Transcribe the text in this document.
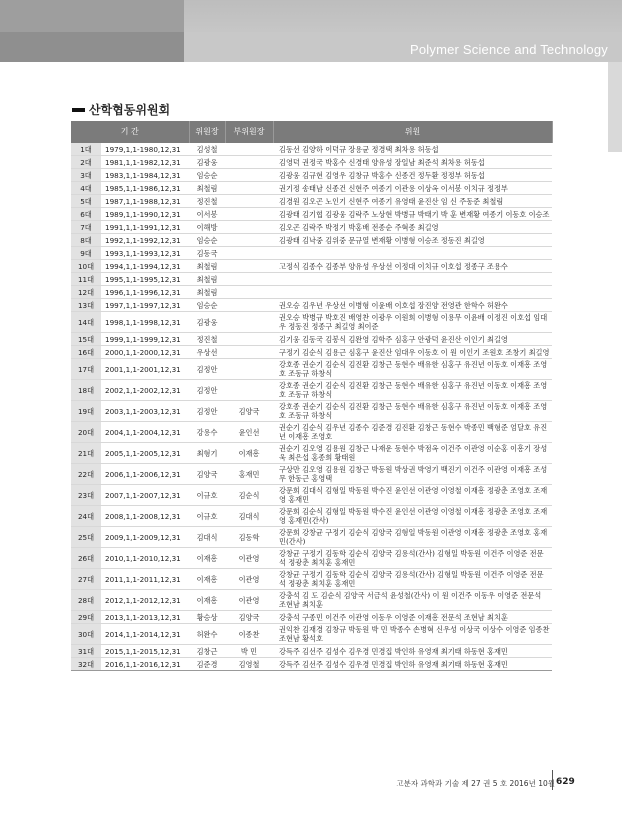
Polymer Science and Technology
산학협동위원회
기 간		위원장	부위원장	위원
1대	1979,1,1-1980,12,31	김성철		김동선 김양하 이덕규 장용균 정경택 최차용 허동섭
2대	1981,1,1-1982,12,31	김광웅		김영덕 권정국 박홍수 신경태 양유성 장일남 최준석 최차용 허동섭
3대	1983,1,1-1984,12,31	임승순		김광웅 김규현 김영우 김창규 박홍수 신종건 정두환 정정부 허동섭
4대	1985,1,1-1986,12,31	최철림		권기정 송태남 신종건 신현주 여종기 이관용 이상옥 이서봉 이치규 정정부
5대	1987,1,1-1988,12,31	정진철		김경원 김오곤 노인기 신현주 여종기 유영태 윤진산 임 신 주동준 최철림
6대	1989,1,1-1990,12,31	이서봉		김광태 김기협 김광웅 김락주 노상현 박병규 박태기 박 훈 변재황 여종기 이동호 이승조
7대	1991,1,1-1991,12,31	이해방		김오곤 김락주 박정기 박홍배 전종순 주혁종 최길영
8대	1992,1,1-1992,12,31	임승순		김광태 김낙중 김위중 문규열 변재황 이병형 이승조 정동진 최길영
9대	1993,1,1-1993,12,31	김동국		
10대	1994,1,1-1994,12,31	최철림		고정식 김종수 김종부 양유성 우상선 이정대 이치규 이호섭 정종구 조용수
11대	1995,1,1-1995,12,31	최철림		
12대	1996,1,1-1996,12,31	최철림		
13대	1997,1,1-1997,12,31	임승순		권오승 김우년 우상선 이병형 이윤배 이호섭 장진양 전영관 한학수 허완수
14대	1998,1,1-1998,12,31	김광웅		권오승 박병규 박호진 배영찬 이광우 이원희 이병형 이용무 이윤배 이정진 이호섭 임대우 정동진 정종구 최길영 최이준
15대	1999,1,1-1999,12,31	정진철		김기웅 김동국 김봉식 김완영 김학주 심홍구 안광덕 윤진산 이인기 최길영
16대	2000,1,1-2000,12,31	우상선		구정기 김순식 김용근 심홍구 윤진산 임대우 이동호 이 원 이인기 조원호 조창기 최길영
17대	2001,1,1-2001,12,31	김정안		강호종 권순기 김순식 김진환 김창근 동현수 배유한 심홍구 유진년 이동호 이재흥 조영호 조동규 하창식
18대	2002,1,1-2002,12,31	김정안		강호종 권순기 김순식 김진환 김창근 동현수 배유한 심홍구 유진년 이동호 이재흥 조영호 조동규 하창식
19대	2003,1,1-2003,12,31	김정안	김양국	강호종 권순기 김순식 김진환 김창근 동현수 배유한 심홍구 유진년 이동호 이재흥 조영호 조동규 하창식
20대	2004,1,1-2004,12,31	강용수	윤인선	권순기 김순식 김우년 김종수 김준경 김진환 김창근 동현수 박종민 백형준 엄달호 유진년 이재흥 조영호
21대	2005,1,1-2005,12,31	최형기	이재흥	권순기 김오영 김용원 김창근 나재운 동현수 박점옥 이건주 이관영 이순홍 이흥기 장성욱 최은섭 홍종희 황태원
22대	2006,1,1-2006,12,31	김양국	홍재민	구상만 김오영 김용원 김창근 박동원 박상권 박영기 백진기 이건주 이관영 이재흥 조성무 한동근 홍영택
23대	2007,1,1-2007,12,31	이규호	김순식	강문희 김대식 김형일 박동원 박수진 윤인선 이관영 이영철 이재흥 정광춘 조영호 조재영 홍재민
24대	2008,1,1-2008,12,31	이규호	김대식	강문희 김순식 김형일 박동원 박수진 윤인선 이관영 이영철 이재흥 정광춘 조영호 조재영 홍재민(간사)
25대	2009,1,1-2009,12,31	김대식	김동학	강문희 강창균 구정기 김순식 김양국 김형일 박동원 이관영 이재흥 정광춘 조영호 홍재민(간사)
26대	2010,1,1-2010,12,31	이재흥	이관영	강창균 구정기 김동학 김순식 김양국 김용석(간사) 김형일 박동원 이건주 이영준 전문석 정광춘 최치훈 홍재민
27대	2011,1,1-2011,12,31	이재흥	이관영	강창균 구정기 김동학 김순식 김양국 김용석(간사) 김형일 박동원 이건주 이영준 전문석 정광춘 최치훈 홍재민
28대	2012,1,1-2012,12,31	이재흥	이관영	강충석 김 도 김순식 김양국 서금석 윤성철(간사) 이 원 이건주 이동우 이영준 전문석 조현남 최치훈
29대	2013,1,1-2013,12,31	황승상	김양국	강충석 구종민 이건주 이관영 이동우 이영준 이재흥 전문석 조현남 최치훈
30대	2014,1,1-2014,12,31	허완수	이종찬	권익찬 김재경 김창규 박동원 박 민 박종수 손병혁 신우성 이상국 이상수 이영준 임종찬 조현남 황석호
31대	2015,1,1-2015,12,31	김창근	박 민	강득주 김선주 김성수 김우경 민경집 박인하 유영재 최기태 하동현 홍재민
32대	2016,1,1-2016,12,31	김준경	김영철	강득주 김선주 김성수 김우경 민경집 박인하 유영재 최기태 하동현 홍재민
고분자 과학과 기술 제 27 권 5 호 2016년 10월 629
